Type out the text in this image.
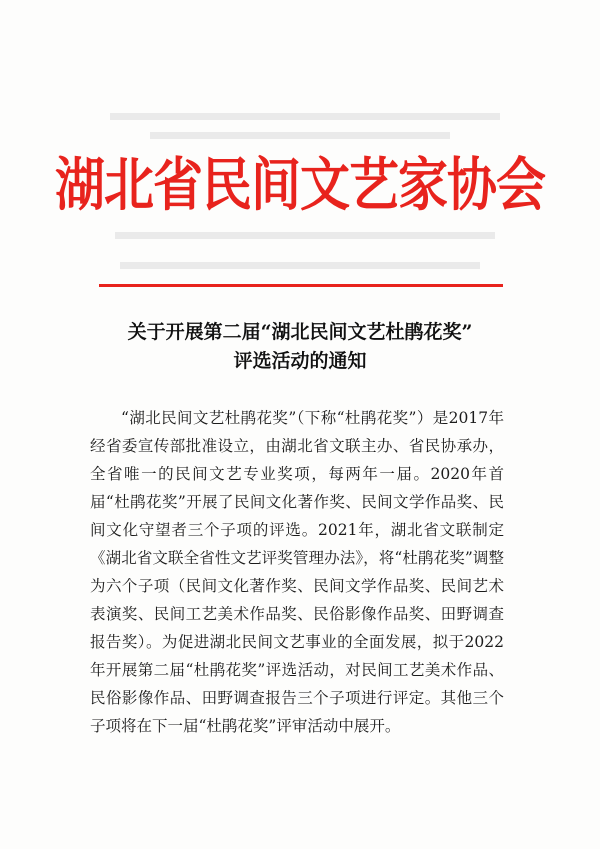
湖北省民间文艺家协会
关于开展第二届“湖北民间文艺杜鹃花奖”
评选活动的通知

“湖北民间文艺杜鹃花奖”（下称“杜鹃花奖”）是2017年经省委宣传部批准设立，由湖北省文联主办、省民协承办，全省唯一的民间文艺专业奖项，每两年一届。2020年首届“杜鹃花奖”开展了民间文化著作奖、民间文学作品奖、民间文化守望者三个子项的评选。2021年，湖北省文联制定《湖北省文联全省性文艺评奖管理办法》，将“杜鹃花奖”调整为六个子项（民间文化著作奖、民间文学作品奖、民间艺术表演奖、民间工艺美术作品奖、民俗影像作品奖、田野调查报告奖）。为促进湖北民间文艺事业的全面发展，拟于2022年开展第二届“杜鹃花奖”评选活动，对民间工艺美术作品、民俗影像作品、田野调查报告三个子项进行评定。其他三个子项将在下一届“杜鹃花奖”评审活动中展开。
